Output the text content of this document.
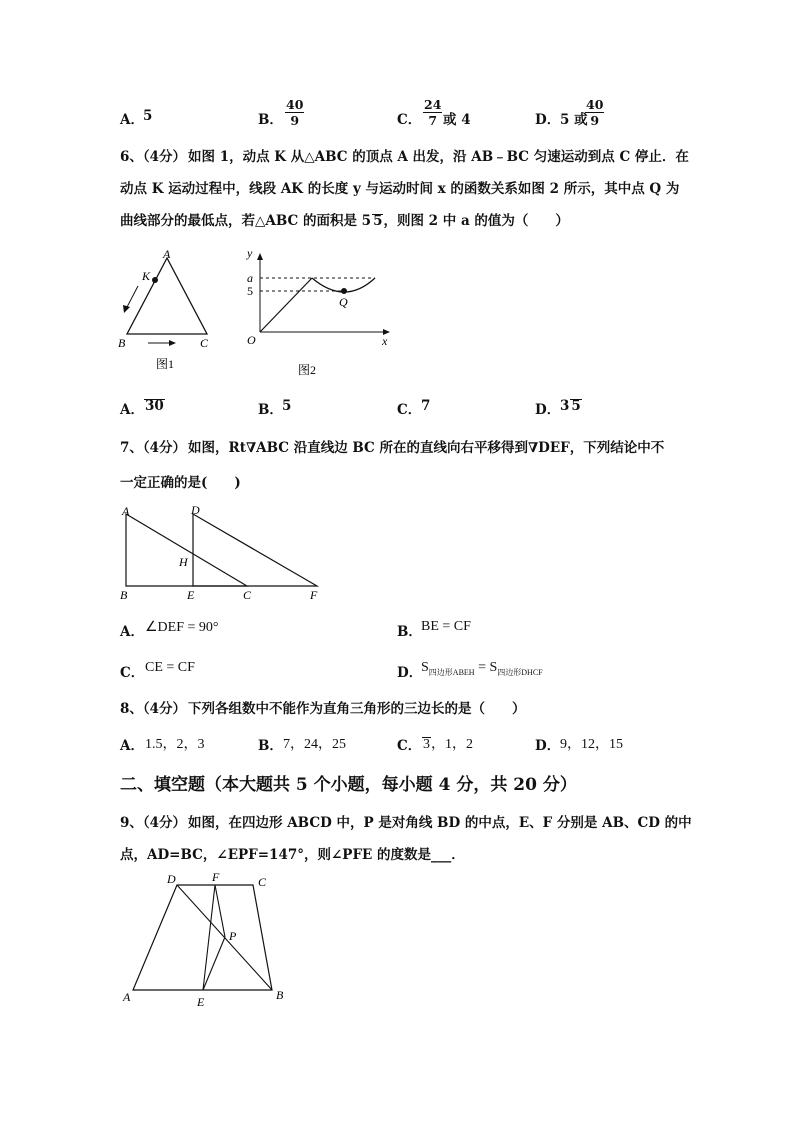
A． 5	B． $\frac{40}{9}$	C． $\frac{24}{7}$ 或 4	D． 5 或
$\frac{40}{9}$
6、（4分） 如图 1，动点 K 从△ABC 的顶点 A 出发，沿 AB﹣BC 匀速运动到点 C 停止．在
动点 K 运动过程中，线段 AK 的长度 y 与运动时间 x 的函数关系如图 2 所示，其中点 Q 为
曲线部分的最低点，若△ABC 的面积是 5 5，则图 2 中 a 的值为（　　）
A
K
B	C
图1
y
a
5
Q
O	x
图2
A． 30	B． 5	C． 7	D． 3 5
7、（4分） 如图，Rt∇ABC 沿直线边 BC 所在的直线向右平移得到∇DEF，下列结论中不
一定正确的是(　　)
A	D
H
B	E	C	F
A． ∠DEF = 90°	B． BE = CF
C． CE = CF	D．
$S_{四边形ABEH} = S_{四边形DHCF}$
8、（4分） 下列各组数中不能作为直角三角形的三边长的是（　　）
A． 1.5，2，3	B． 7，24，25	C． 3，1，2	D． 9，12，15
二、填空题（本大题共 5 个小题，每小题 4 分，共 20 分）
9、（4分） 如图，在四边形 ABCD 中，P 是对角线 BD 的中点，E、F 分别是 AB、CD 的中
点，AD=BC，∠EPF=147°，则∠PFE 的度数是___．
D	F	C
P
A	E	B
